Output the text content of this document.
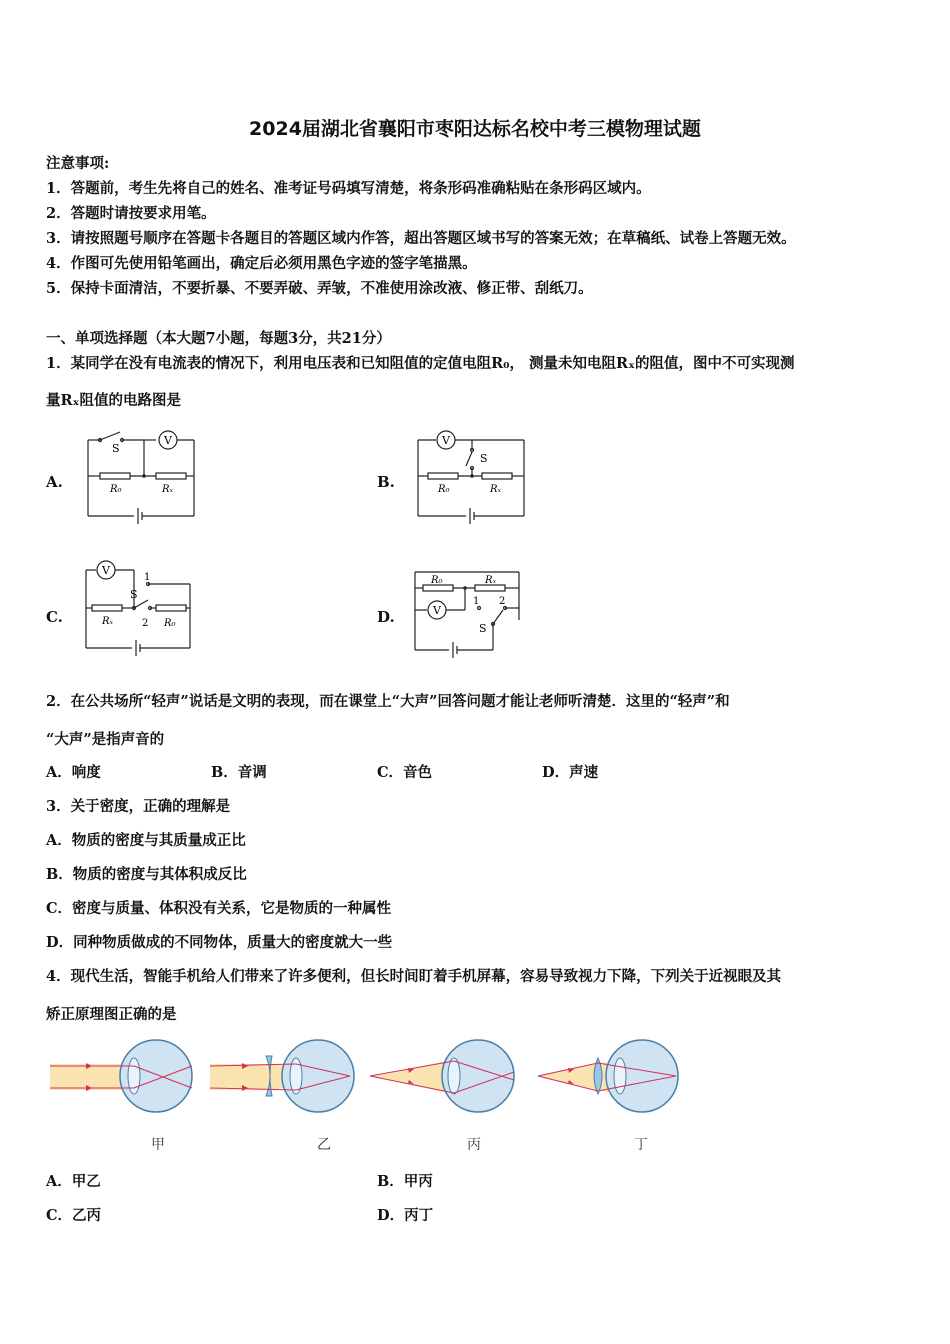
2024届湖北省襄阳市枣阳达标名校中考三模物理试题
注意事项:
1．答题前，考生先将自己的姓名、准考证号码填写清楚，将条形码准确粘贴在条形码区域内。
2．答题时请按要求用笔。
3．请按照题号顺序在答题卡各题目的答题区域内作答，超出答题区域书写的答案无效；在草稿纸、试卷上答题无效。
4．作图可先使用铅笔画出，确定后必须用黑色字迹的签字笔描黑。
5．保持卡面清洁，不要折暴、不要弄破、弄皱，不准使用涂改液、修正带、刮纸刀。
一、单项选择题（本大题7小题，每题3分，共21分）
1．某同学在没有电流表的情况下，利用电压表和已知阻值的定值电阻R₀， 测量未知电阻Rₓ的阻值，图中不可实现测
量Rₓ阻值的电路图是
A.	B.
C.	D.
S
V
R₀	Rₓ
V
S
R₀	Rₓ
V
1
S
2
Rₓ	R₀
R₀	Rₓ
V
1 2
S
2．在公共场所“轻声”说话是文明的表现，而在课堂上“大声”回答问题才能让老师听清楚．这里的“轻声”和
“大声”是指声音的
A．响度	B．音调	C．音色	D．声速
3．关于密度，正确的理解是
A．物质的密度与其质量成正比
B．物质的密度与其体积成反比
C．密度与质量、体积没有关系，它是物质的一种属性
D．同种物质做成的不同物体，质量大的密度就大一些
4．现代生活，智能手机给人们带来了许多便利，但长时间盯着手机屏幕，容易导致视力下降，下列关于近视眼及其
矫正原理图正确的是
甲	乙	丙	丁
A．甲乙	B．甲丙
C．乙丙	D．丙丁
